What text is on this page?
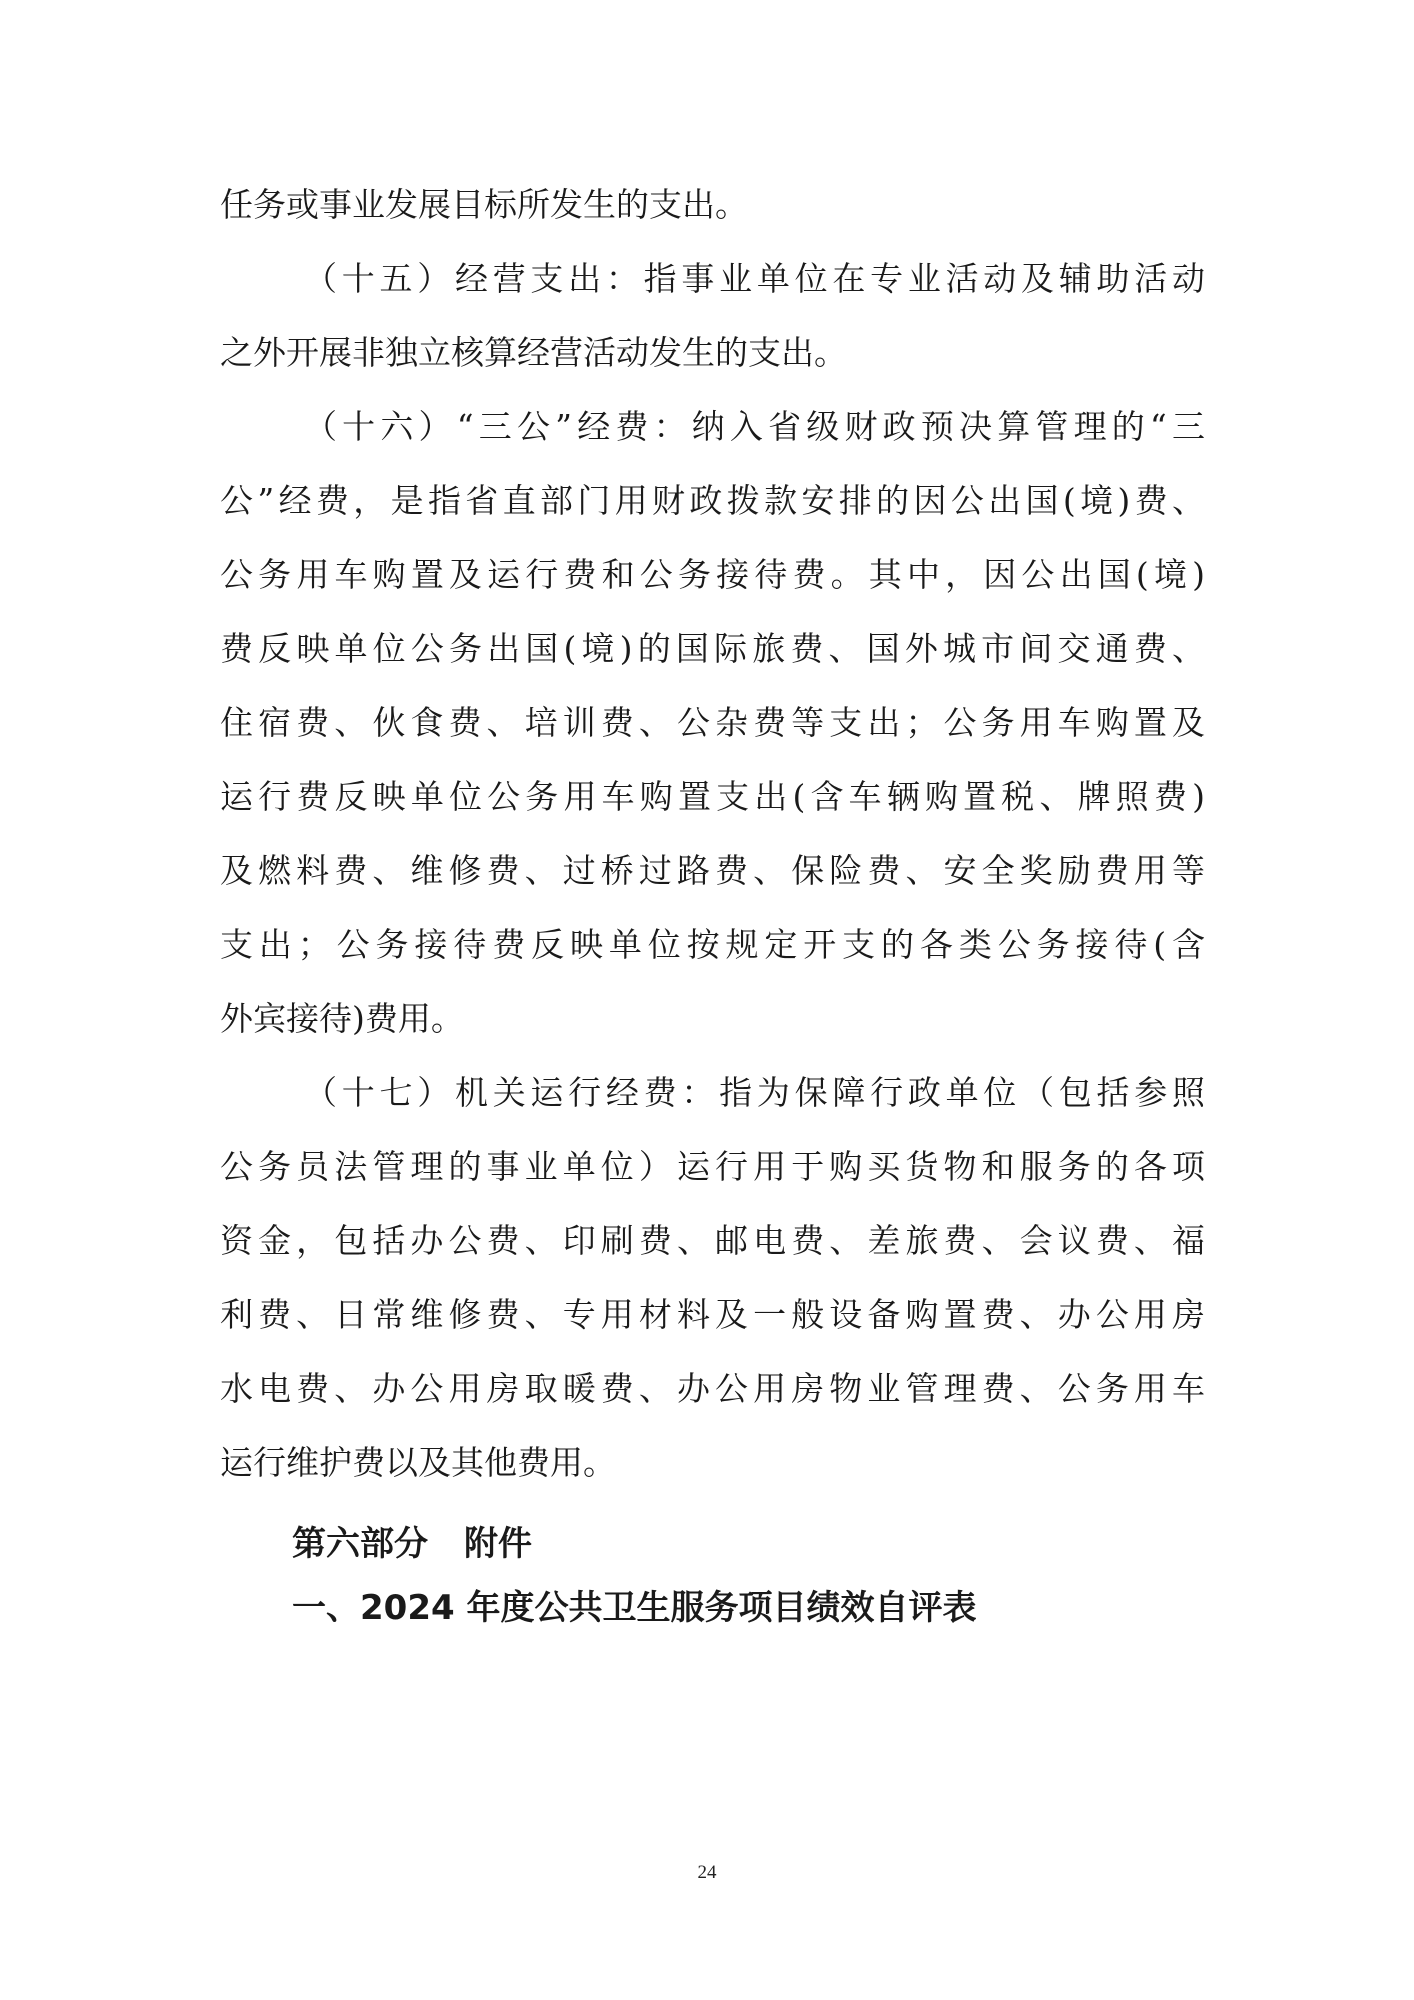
任务或事业发展目标所发生的支出。
（十五）经营支出：指事业单位在专业活动及辅助活动
之外开展非独立核算经营活动发生的支出。
（十六）“三公”经费：纳入省级财政预决算管理的“三
公”经费，是指省直部门用财政拨款安排的因公出国(境)费、
公务用车购置及运行费和公务接待费。其中，因公出国(境)
费反映单位公务出国(境)的国际旅费、国外城市间交通费、
住宿费、伙食费、培训费、公杂费等支出；公务用车购置及
运行费反映单位公务用车购置支出(含车辆购置税、牌照费)
及燃料费、维修费、过桥过路费、保险费、安全奖励费用等
支出；公务接待费反映单位按规定开支的各类公务接待(含
外宾接待)费用。
（十七）机关运行经费：指为保障行政单位（包括参照
公务员法管理的事业单位）运行用于购买货物和服务的各项
资金，包括办公费、印刷费、邮电费、差旅费、会议费、福
利费、日常维修费、专用材料及一般设备购置费、办公用房
水电费、办公用房取暖费、办公用房物业管理费、公务用车
运行维护费以及其他费用。
第六部分 附件
一、2024 年度公共卫生服务项目绩效自评表
24
